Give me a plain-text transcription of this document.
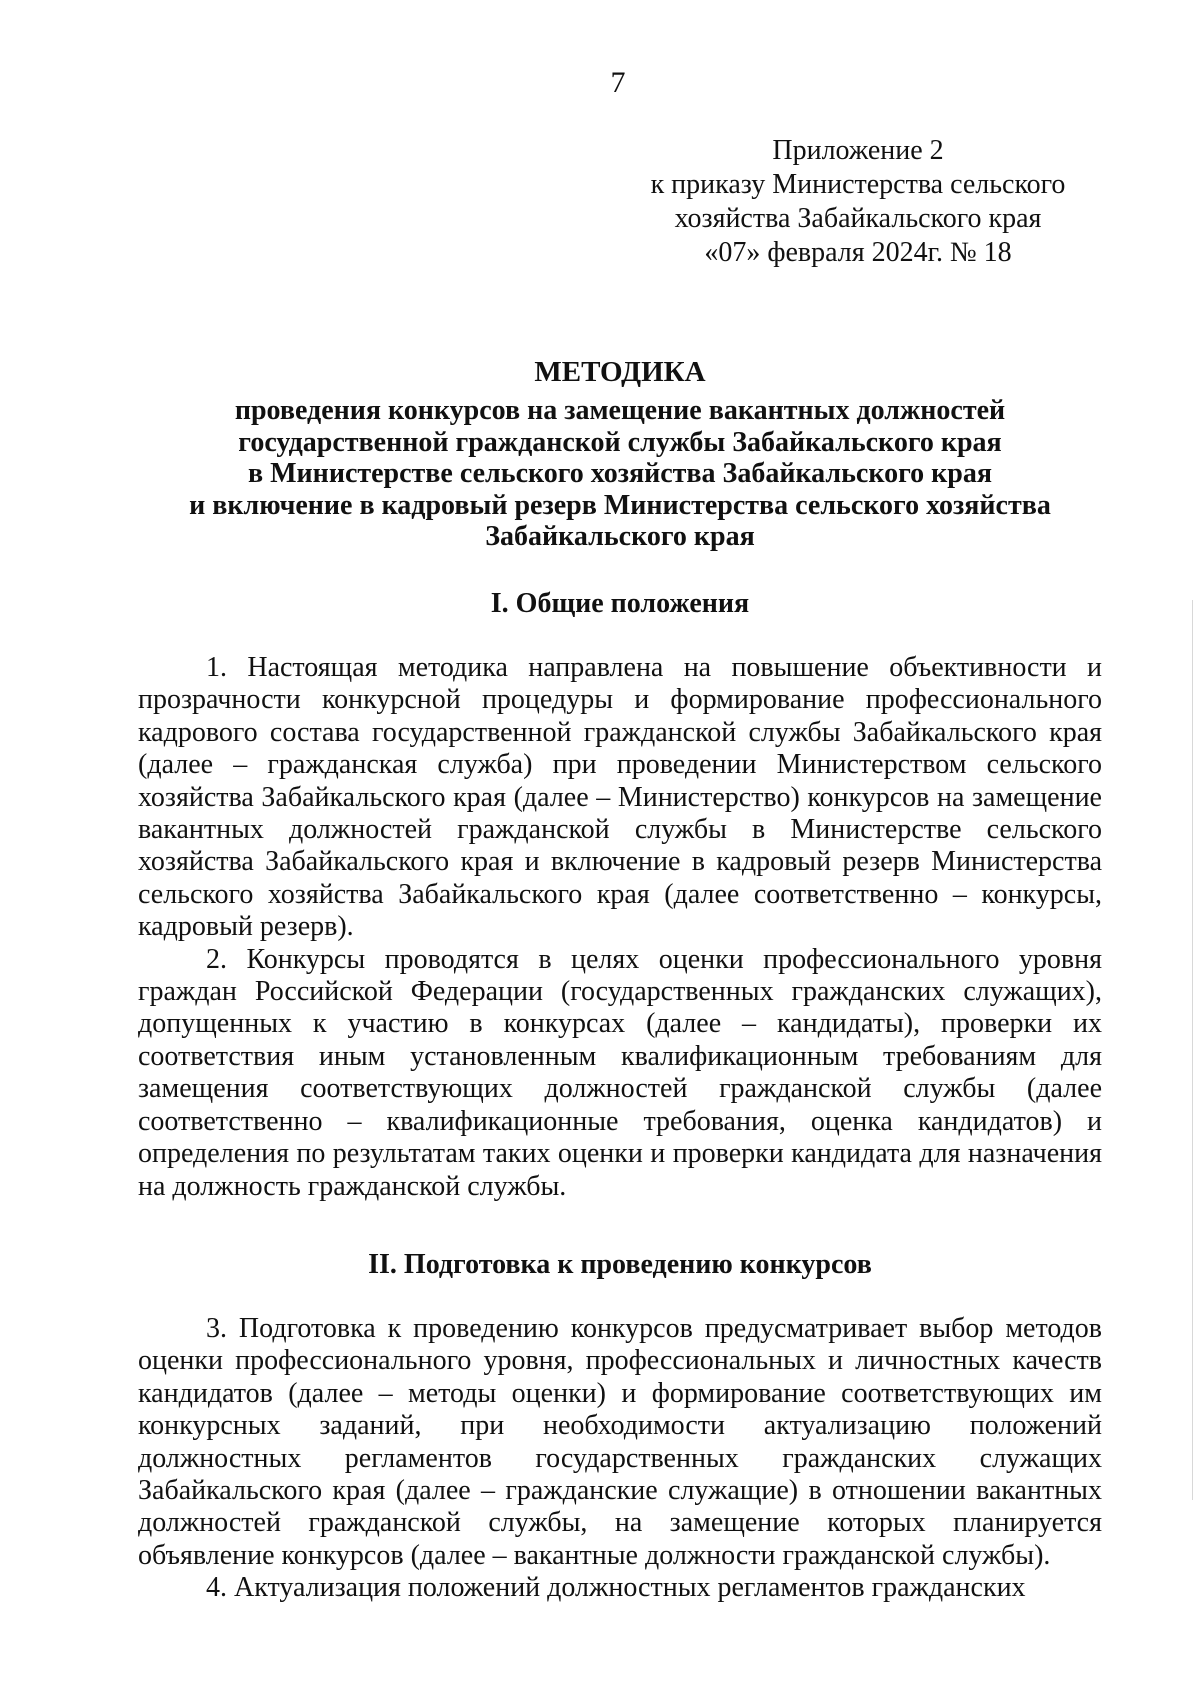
7
Приложение 2
к приказу Министерства сельского
хозяйства Забайкальского края
«07» февраля 2024г. № 18
МЕТОДИКА
проведения конкурсов на замещение вакантных должностей
государственной гражданской службы Забайкальского края
в Министерстве сельского хозяйства Забайкальского края
и включение в кадровый резерв Министерства сельского хозяйства
Забайкальского края
I. Общие положения

1. Настоящая методика направлена на повышение объективности и прозрачности конкурсной процедуры и формирование профессионального кадрового состава государственной гражданской службы Забайкальского края (далее – гражданская служба) при проведении Министерством сельского хозяйства Забайкальского края (далее – Министерство) конкурсов на замещение вакантных должностей гражданской службы в Министерстве сельского хозяйства Забайкальского края и включение в кадровый резерв Министерства сельского хозяйства Забайкальского края (далее соответственно – конкурсы, кадровый резерв).

2. Конкурсы проводятся в целях оценки профессионального уровня граждан Российской Федерации (государственных гражданских служащих), допущенных к участию в конкурсах (далее – кандидаты), проверки их соответствия иным установленным квалификационным требованиям для замещения соответствующих должностей гражданской службы (далее соответственно – квалификационные требования, оценка кандидатов) и определения по результатам таких оценки и проверки кандидата для назначения на должность гражданской службы.

II. Подготовка к проведению конкурсов

3. Подготовка к проведению конкурсов предусматривает выбор методов оценки профессионального уровня, профессиональных и личностных качеств кандидатов (далее – методы оценки) и формирование соответствующих им конкурсных заданий, при необходимости актуализацию положений должностных регламентов государственных гражданских служащих Забайкальского края (далее – гражданские служащие) в отношении вакантных должностей гражданской службы, на замещение которых планируется объявление конкурсов (далее – вакантные должности гражданской службы).

4. Актуализация положений должностных регламентов гражданских
